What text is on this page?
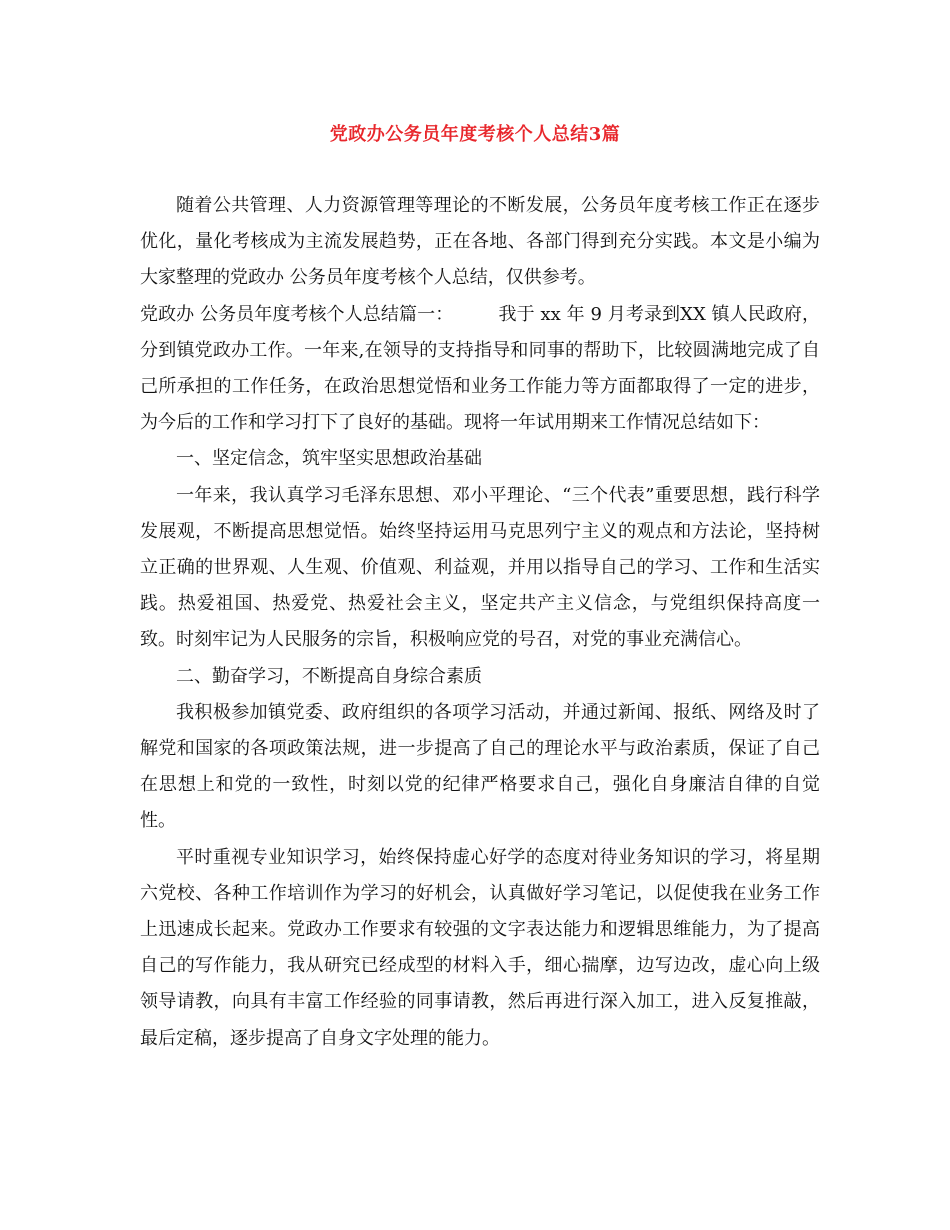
党政办公务员年度考核个人总结3篇

随着公共管理、人力资源管理等理论的不断发展，公务员年度考核工作正在逐步优化，量化考核成为主流发展趋势，正在各地、各部门得到充分实践。本文是小编为大家整理的党政办 公务员年度考核个人总结，仅供参考。

党政办 公务员年度考核个人总结篇一：　　　我于 xx 年 9 月考录到XX 镇人民政府，分到镇党政办工作。一年来,在领导的支持指导和同事的帮助下，比较圆满地完成了自己所承担的工作任务，在政治思想觉悟和业务工作能力等方面都取得了一定的进步，为今后的工作和学习打下了良好的基础。现将一年试用期来工作情况总结如下：

一、坚定信念，筑牢坚实思想政治基础

一年来，我认真学习毛泽东思想、邓小平理论、“三个代表”重要思想，践行科学发展观，不断提高思想觉悟。始终坚持运用马克思列宁主义的观点和方法论，坚持树立正确的世界观、人生观、价值观、利益观，并用以指导自己的学习、工作和生活实践。热爱祖国、热爱党、热爱社会主义，坚定共产主义信念，与党组织保持高度一致。时刻牢记为人民服务的宗旨，积极响应党的号召，对党的事业充满信心。

二、勤奋学习，不断提高自身综合素质

我积极参加镇党委、政府组织的各项学习活动，并通过新闻、报纸、网络及时了解党和国家的各项政策法规，进一步提高了自己的理论水平与政治素质，保证了自己在思想上和党的一致性，时刻以党的纪律严格要求自己，强化自身廉洁自律的自觉性。

平时重视专业知识学习，始终保持虚心好学的态度对待业务知识的学习，将星期六党校、各种工作培训作为学习的好机会，认真做好学习笔记，以促使我在业务工作上迅速成长起来。党政办工作要求有较强的文字表达能力和逻辑思维能力，为了提高自己的写作能力，我从研究已经成型的材料入手，细心揣摩，边写边改，虚心向上级领导请教，向具有丰富工作经验的同事请教，然后再进行深入加工，进入反复推敲，最后定稿，逐步提高了自身文字处理的能力。
